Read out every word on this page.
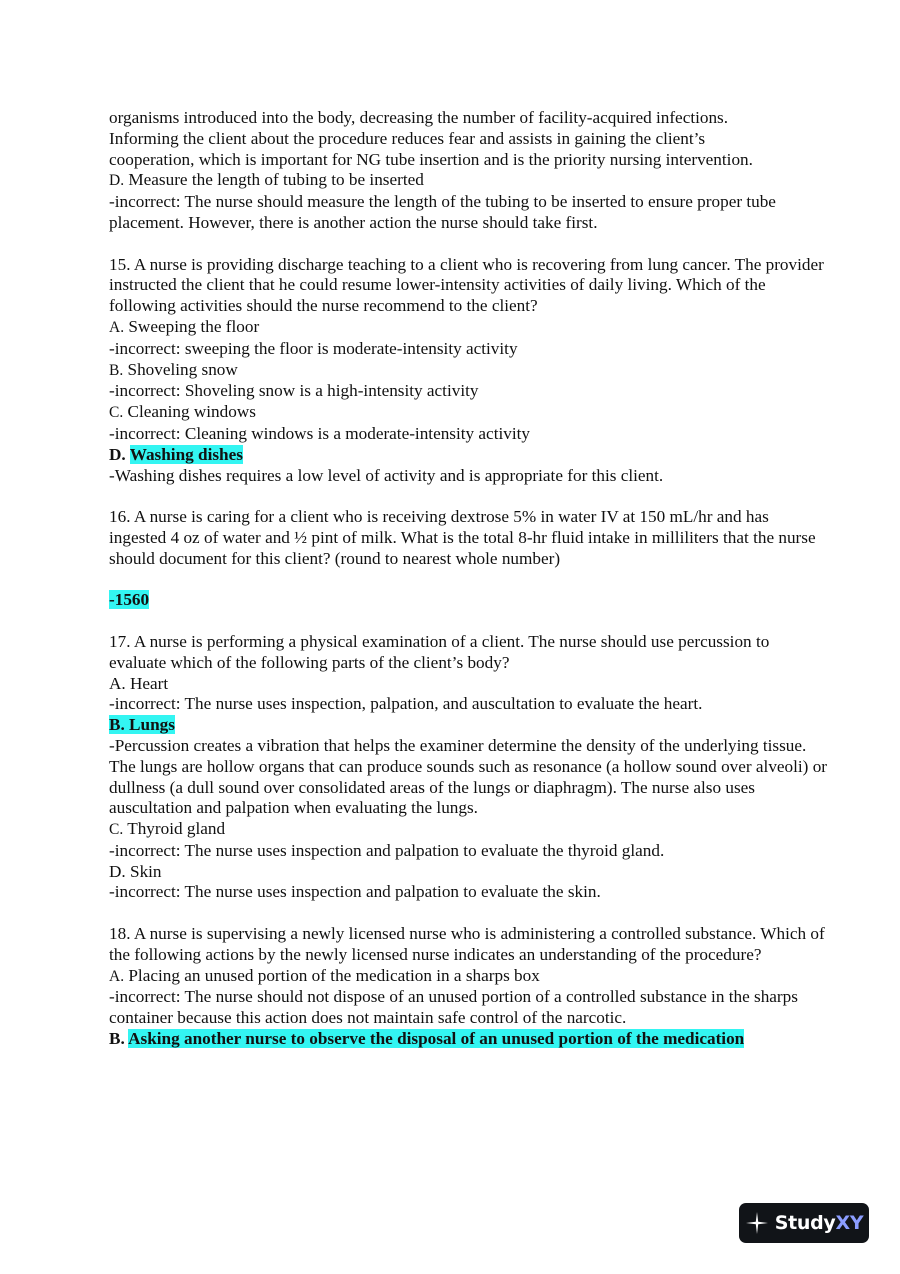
organisms introduced into the body, decreasing the number of facility-acquired infections.
Informing the client about the procedure reduces fear and assists in gaining the client’s
cooperation, which is important for NG tube insertion and is the priority nursing intervention.
D. Measure the length of tubing to be inserted
-incorrect: The nurse should measure the length of the tubing to be inserted to ensure proper tube placement. However, there is another action the nurse should take first.
15. A nurse is providing discharge teaching to a client who is recovering from lung cancer. The provider instructed the client that he could resume lower-intensity activities of daily living. Which of the following activities should the nurse recommend to the client?
A. Sweeping the floor
-incorrect: sweeping the floor is moderate-intensity activity
B. Shoveling snow
-incorrect: Shoveling snow is a high-intensity activity
C. Cleaning windows
-incorrect: Cleaning windows is a moderate-intensity activity
D. Washing dishes
-Washing dishes requires a low level of activity and is appropriate for this client.
16. A nurse is caring for a client who is receiving dextrose 5% in water IV at 150 mL/hr and has ingested 4 oz of water and ½ pint of milk. What is the total 8-hr fluid intake in milliliters that the nurse should document for this client? (round to nearest whole number)
-1560
17. A nurse is performing a physical examination of a client. The nurse should use percussion to evaluate which of the following parts of the client’s body?
A. Heart
-incorrect: The nurse uses inspection, palpation, and auscultation to evaluate the heart.
B. Lungs
-Percussion creates a vibration that helps the examiner determine the density of the underlying tissue. The lungs are hollow organs that can produce sounds such as resonance (a hollow sound over alveoli) or dullness (a dull sound over consolidated areas of the lungs or diaphragm). The nurse also uses auscultation and palpation when evaluating the lungs.
C. Thyroid gland
-incorrect: The nurse uses inspection and palpation to evaluate the thyroid gland.
D. Skin
-incorrect: The nurse uses inspection and palpation to evaluate the skin.
18. A nurse is supervising a newly licensed nurse who is administering a controlled substance. Which of the following actions by the newly licensed nurse indicates an understanding of the procedure?
A. Placing an unused portion of the medication in a sharps box
-incorrect: The nurse should not dispose of an unused portion of a controlled substance in the sharps container because this action does not maintain safe control of the narcotic.
B. Asking another nurse to observe the disposal of an unused portion of the medication
StudyXY
